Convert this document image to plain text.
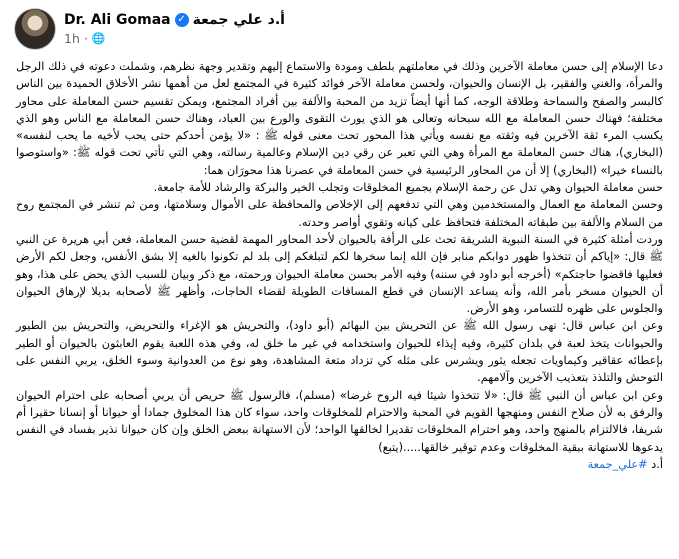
Dr. Ali Gomaa ✓ أ.د علي جمعة
1h · 🌐

دعا الإسلام إلى حسن معاملة الآخرين وذلك في معاملتهم بلطف ومودة والاستماع إليهم وتقدير وجهة نظرهم، وشملت دعوته في ذلك الرجل والمرأة، والغني والفقير، بل الإنسان والحيوان، ولحسن معاملة الآخر فوائد كثيرة في المجتمع لعل من أهمها نشر الأخلاق الحميدة بين الناس كالبسر والصفح والسماحة وطلاقة الوجه، كما أنها أيضاً تزيد من المحبة والألفة بين أفراد المجتمع، ويمكن تقسيم حسن المعاملة على محاور مختلفة؛ فهناك حسن المعاملة مع الله سبحانه وتعالى هو الذي يورث التقوى والورع بين العباد، وهناك حسن المعاملة مع الناس وهو الذي يكسب المرء ثقة الآخرين فيه وثقته مع نفسه ويأتي هذا المحور تحت معنى قوله ﷺ : «لا يؤمن أحدكم حتى يحب لأخيه ما يحب لنفسه» (البخاري)، هناك حسن المعاملة مع المرأة وهي التي تعبر عن رقي دين الإسلام وعالمية رسالته، وهي التي تأتي تحت قوله ﷺ: «واستوصوا بالنساء خيرا» (البخاري) إلا أن من المحاور الرئيسية في حسن المعاملة في عصرنا هذا محورَان هما:

حسن معاملة الحيوان وهي تدل عن رحمة الإسلام بجميع المخلوقات وتجلب الخير والبركة والرشاد للأمة جامعة.

وحسن المعاملة مع العمال والمستخدمين وهي التي تدفعهم إلى الإخلاص والمحافظة على الأموال وسلامتها، ومن ثم تنشر في المجتمع روح من السلام والألفة بين طبقاته المختلفة فتحافظ على كيانه وتقوي أواصر وحدته.

وردت أمثلة كثيرة في السنة النبوية الشريفة تحث على الرأفة بالحيوان لأحد المحاور المهمة لقضية حسن المعاملة، فعن أبي هريرة عن النبي ﷺ قال: «إياكم أن تتخذوا ظهور دوابكم منابر فإن الله إنما سخرها لكم لتبلغكم إلى بلد لم تكونوا بالغيه إلا بشق الأنفس، وجعل لكم الأرض فعليها فاقضوا حاجتكم» (أخرجه أبو داود في سننه) وفيه الأمر بحسن معاملة الحيوان ورحمته، مع ذكر وبيان للسبب الذي يحض على هذا، وهو أن الحيوان مسخر بأمر الله، وأنه يساعد الإنسان في قطع المسافات الطويلة لقضاء الحاجات، وأظهر ﷺ لأصحابه بديلا لإرهاق الحيوان والجلوس على ظهره للتسامر، وهو الأرض.

وعن ابن عباس قال: نهى رسول الله ﷺ عن التحريش بين البهائم (أبو داود)، والتحريش هو الإغراء والتحريض، والتحريش بين الطيور والحيوانات يتخذ لعبة في بلدان كثيرة، وفيه إيذاء للحيوان واستخدامه في غير ما خلق له، وفي هذه اللعبة يقوم العابثون بالحيوان أو الطير بإعطائه عقاقير وكيماويات تجعله يثور ويشرس على مثله كي تزداد متعة المشاهدة، وهو نوع من العدوانية وسوء الخلق، يربي النفس على التوحش والتلذذ بتعذيب الآخرين وآلامهم.

وعن ابن عباس أن النبي ﷺ قال: «لا تتخذوا شيئا فيه الروح غرضا» (مسلم)، فالرسول ﷺ حريص أن يربي أصحابه على احترام الحيوان والرفق به لأن صلاح النفس ومنهجها القويم في المحبة والاحترام للمخلوقات واحد، سواء كان هذا المخلوق جمادا أو حيوانا أو إنسانا حقيرا أم شريفا، فالالتزام بالمنهج واحد، وهو احترام المخلوقات تقديرا لخالقها الواحد؛ لأن الاستهانة ببعض الخلق وإن كان حيوانا نذير بفساد في النفس يدعوها للاستهانة ببقية المخلوقات وعدم توقير خالقها.....(يتبع)

أ.د #علي_جمعة
